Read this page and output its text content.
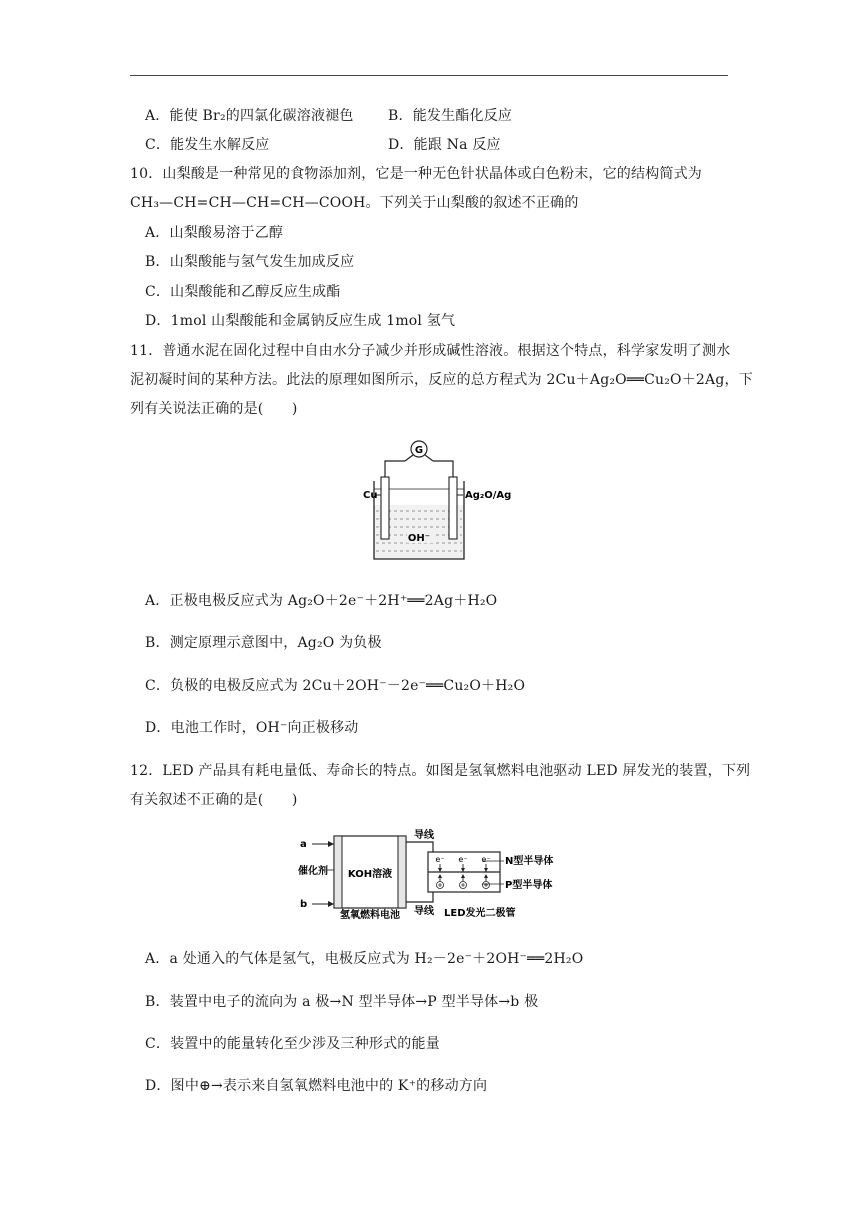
A．能使 Br₂的四氯化碳溶液褪色 B．能发生酯化反应
C．能发生水解反应	D．能跟 Na 反应
10．山梨酸是一种常见的食物添加剂，它是一种无色针状晶体或白色粉末，它的结构简式为
CH₃—CH=CH—CH=CH—COOH。下列关于山梨酸的叙述不正确的
A．山梨酸易溶于乙醇
B．山梨酸能与氢气发生加成反应
C．山梨酸能和乙醇反应生成酯
D．1mol 山梨酸能和金属钠反应生成 1mol 氢气
11．普通水泥在固化过程中自由水分子减少并形成碱性溶液。根据这个特点，科学家发明了测水
泥初凝时间的某种方法。此法的原理如图所示，反应的总方程式为 2Cu＋Ag₂O══Cu₂O＋2Ag，下
列有关说法正确的是(　　)
G
OH⁻
Cu	Ag₂O/Ag
A．正极电极反应式为 Ag₂O＋2e⁻＋2H⁺══2Ag＋H₂O
B．测定原理示意图中，Ag₂O 为负极
C．负极的电极反应式为 2Cu＋2OH⁻－2e⁻══Cu₂O＋H₂O
D．电池工作时，OH⁻向正极移动
12．LED 产品具有耗电量低、寿命长的特点。如图是氢氧燃料电池驱动 LED 屏发光的装置，下列
有关叙述不正确的是(　　)
KOH溶液
氢氧燃料电池
a
b
催化剂
导线
导线
e⁻ e⁻ e⁻ N型半导体
P型半导体
LED发光二极管
A．a 处通入的气体是氢气，电极反应式为 H₂－2e⁻＋2OH⁻══2H₂O
B．装置中电子的流向为 a 极→N 型半导体→P 型半导体→b 极
C．装置中的能量转化至少涉及三种形式的能量
D．图中⊕→表示来自氢氧燃料电池中的 K⁺的移动方向
